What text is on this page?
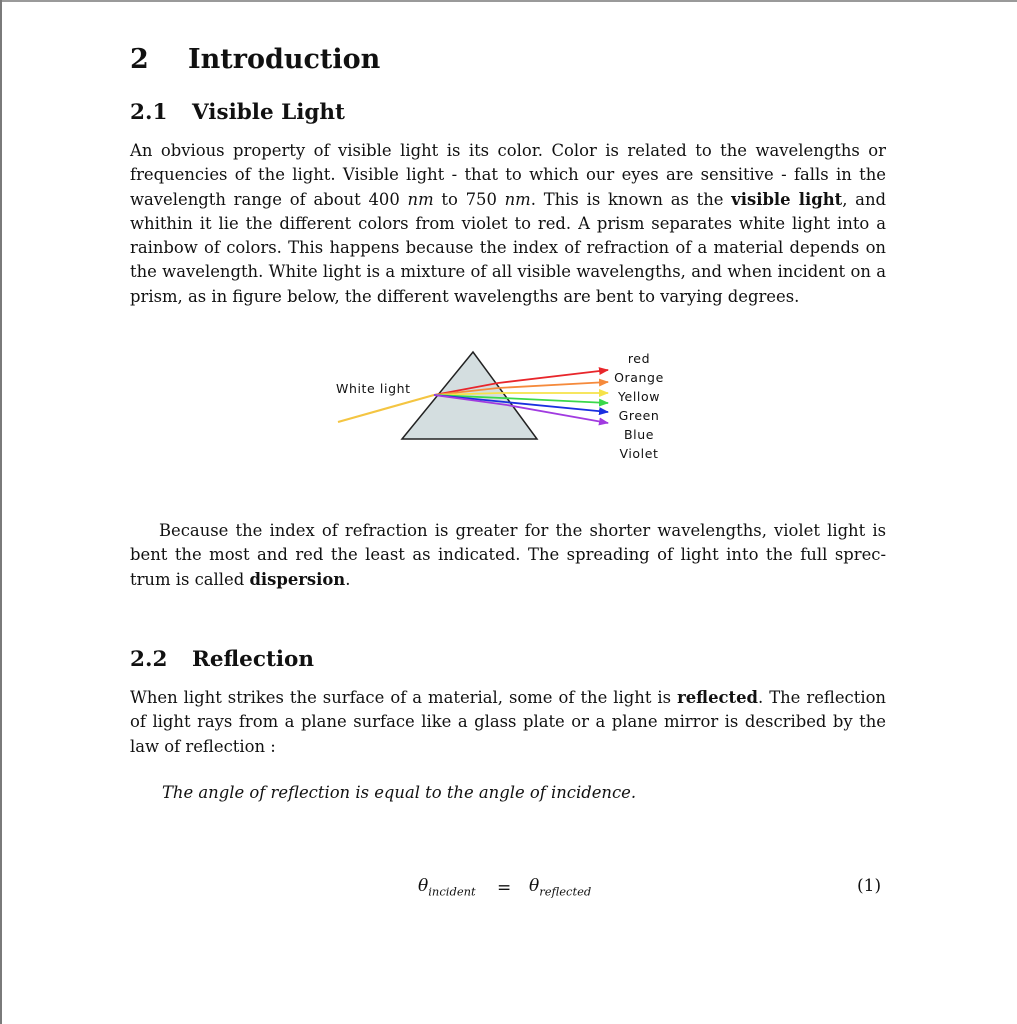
2 Introduction
2.1 Visible Light

An obvious property of visible light is its color. Color is related to the wavelengths or frequencies of the light. Visible light - that to which our eyes are sensitive - falls in the wavelength range of about 400 nm to 750 nm. This is known as the visible light, and whithin it lie the different colors from violet to red. A prism separates white light into a rainbow of colors. This happens because the index of refraction of a material depends on the wavelength. White light is a mixture of all visible wavelengths, and when incident on a prism, as in figure below, the different wavelengths are bent to varying degrees.

White light
red
Orange
Yellow
Green
Blue
Violet

Because the index of refraction is greater for the shorter wavelengths, violet light is bent the most and red the least as indicated. The spreading of light into the full sprec-trum is called dispersion.

2.2 Reflection

When light strikes the surface of a material, some of the light is reflected. The reflection of light rays from a plane surface like a glass plate or a plane mirror is described by the law of reflection :

The angle of reflection is equal to the angle of incidence.

$\theta_{incident} = \theta_{reflected}$	(1)
